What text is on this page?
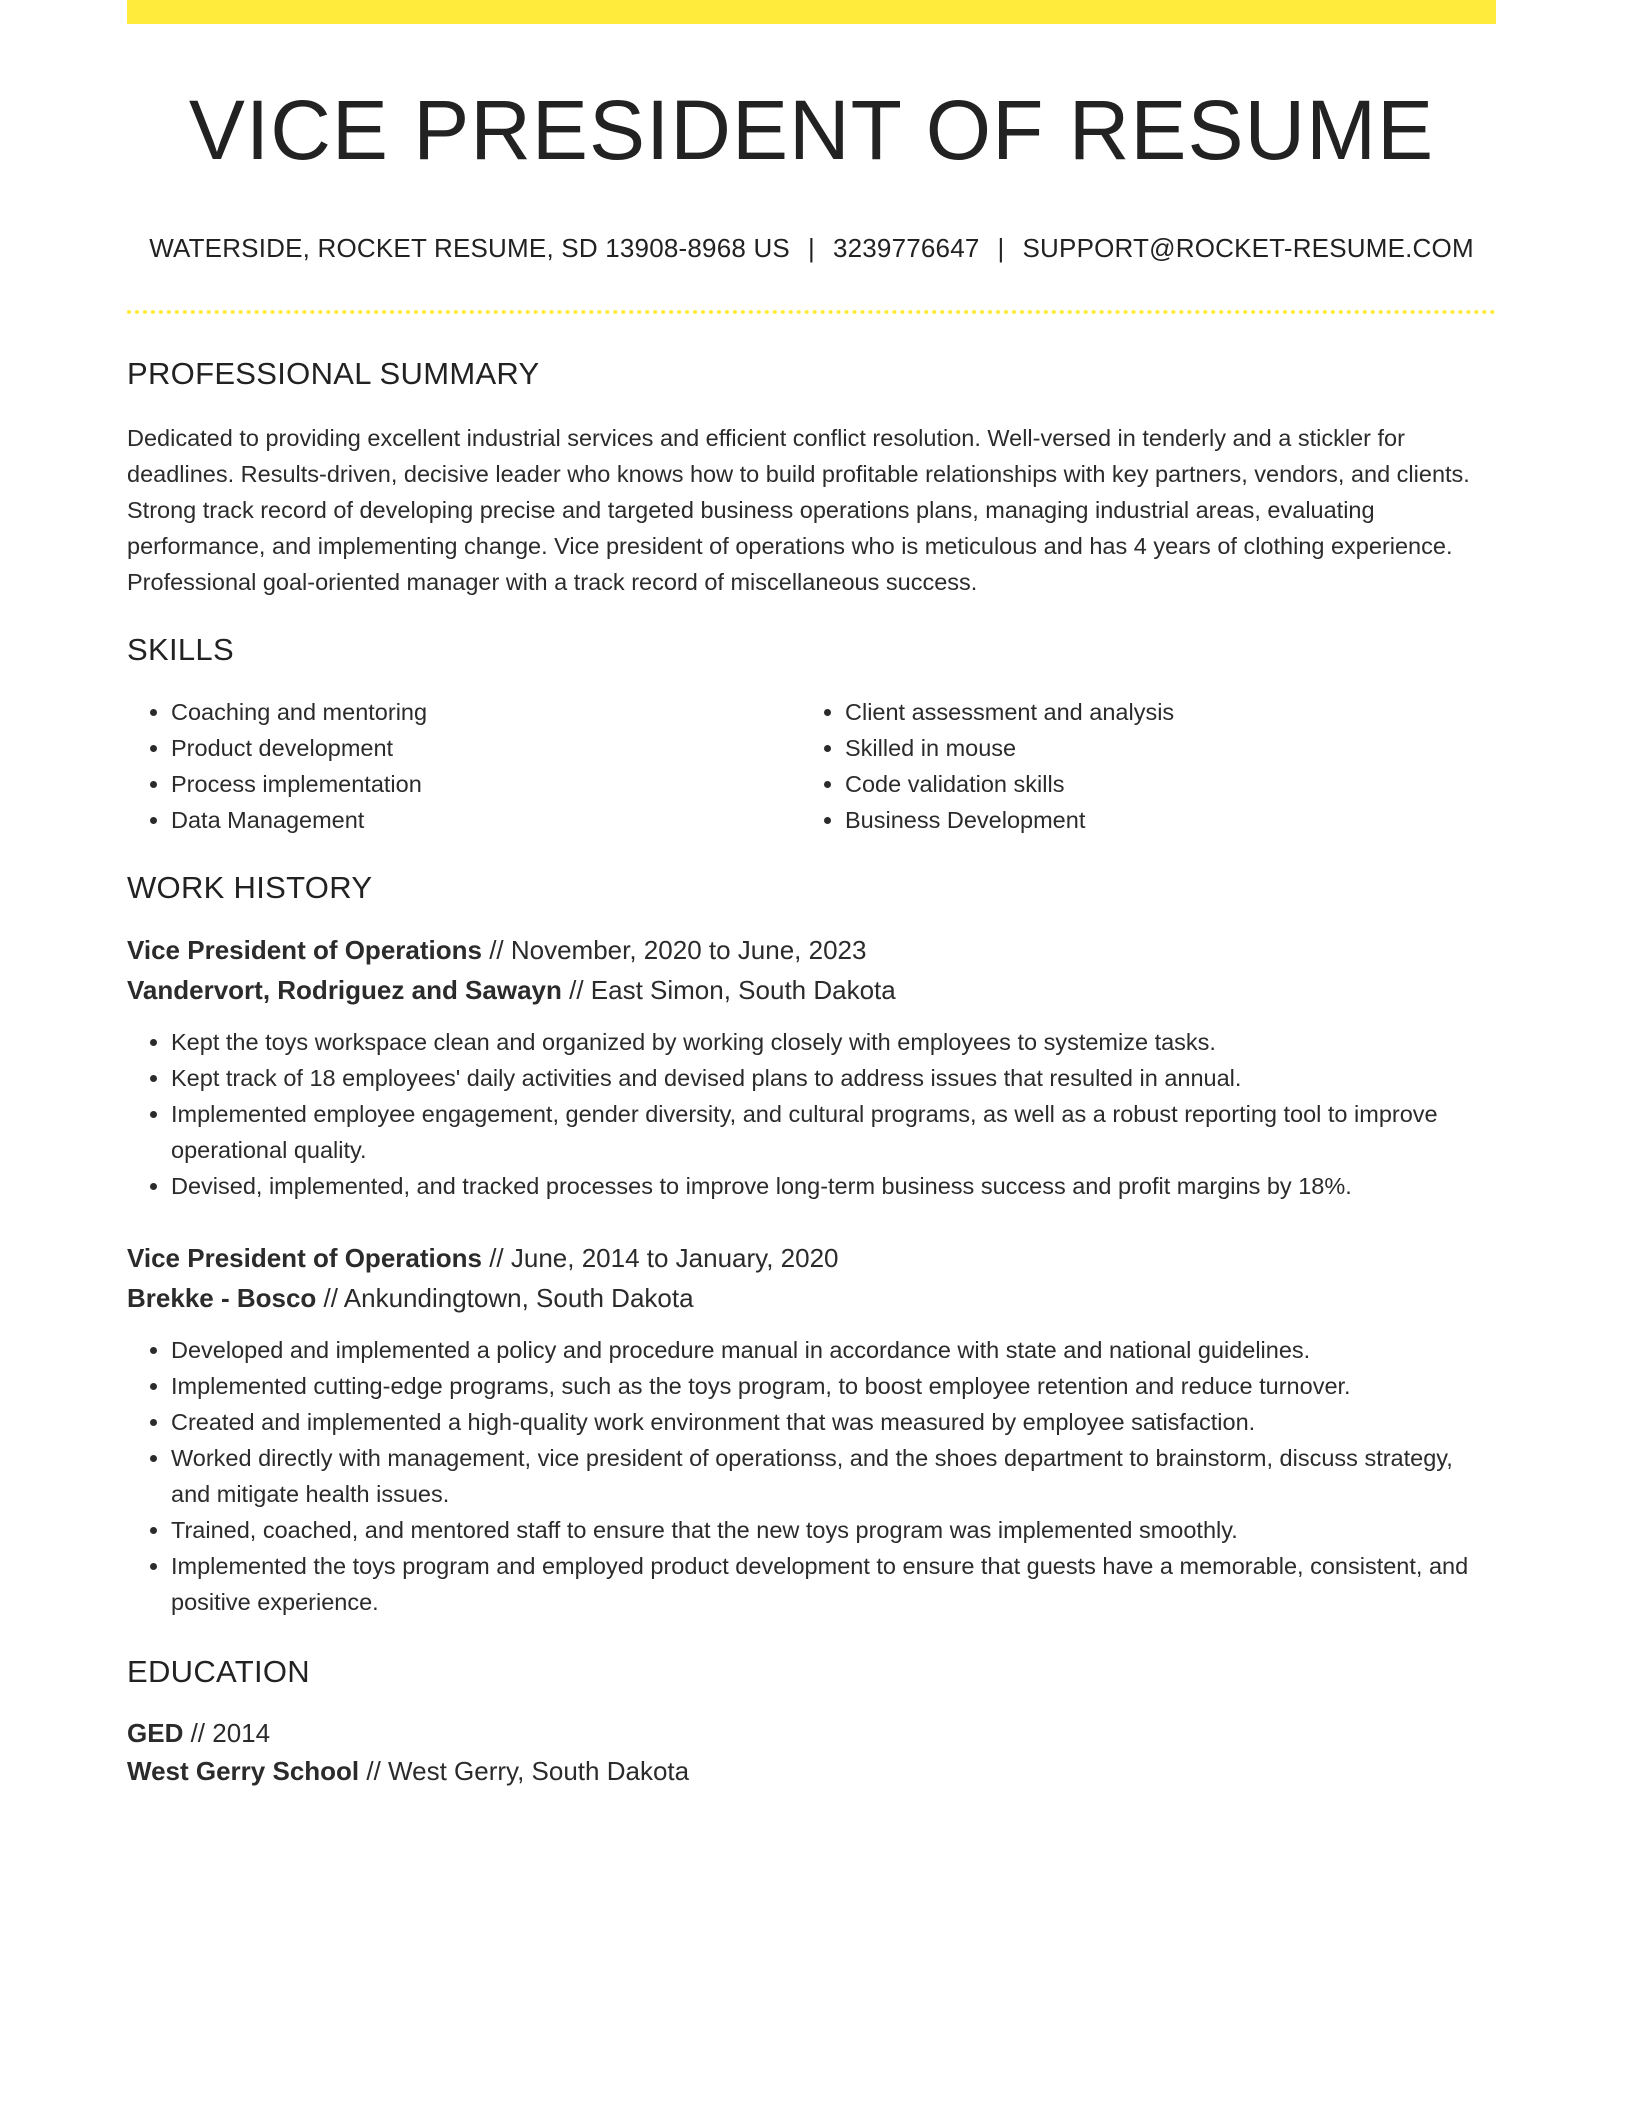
VICE PRESIDENT OF RESUME
WATERSIDE, ROCKET RESUME, SD 13908-8968 US | 3239776647 | SUPPORT@ROCKET-RESUME.COM
PROFESSIONAL SUMMARY

Dedicated to providing excellent industrial services and efficient conflict resolution. Well-versed in tenderly and a stickler for deadlines. Results-driven, decisive leader who knows how to build profitable relationships with key partners, vendors, and clients. Strong track record of developing precise and targeted business operations plans, managing industrial areas, evaluating performance, and implementing change. Vice president of operations who is meticulous and has 4 years of clothing experience. Professional goal-oriented manager with a track record of miscellaneous success.

SKILLS
• Coaching and mentoring
• Product development
• Process implementation
• Data Management
• Client assessment and analysis
• Skilled in mouse
• Code validation skills
• Business Development
WORK HISTORY
Vice President of Operations // November, 2020 to June, 2023
Vandervort, Rodriguez and Sawayn // East Simon, South Dakota
• Kept the toys workspace clean and organized by working closely with employees to systemize tasks.
• Kept track of 18 employees' daily activities and devised plans to address issues that resulted in annual.
• Implemented employee engagement, gender diversity, and cultural programs, as well as a robust reporting tool to improve operational quality.
• Devised, implemented, and tracked processes to improve long-term business success and profit margins by 18%.
Vice President of Operations // June, 2014 to January, 2020
Brekke - Bosco // Ankundingtown, South Dakota
• Developed and implemented a policy and procedure manual in accordance with state and national guidelines.
• Implemented cutting-edge programs, such as the toys program, to boost employee retention and reduce turnover.
• Created and implemented a high-quality work environment that was measured by employee satisfaction.
• Worked directly with management, vice president of operationss, and the shoes department to brainstorm, discuss strategy, and mitigate health issues.
• Trained, coached, and mentored staff to ensure that the new toys program was implemented smoothly.
• Implemented the toys program and employed product development to ensure that guests have a memorable, consistent, and positive experience.
EDUCATION
GED // 2014
West Gerry School // West Gerry, South Dakota
